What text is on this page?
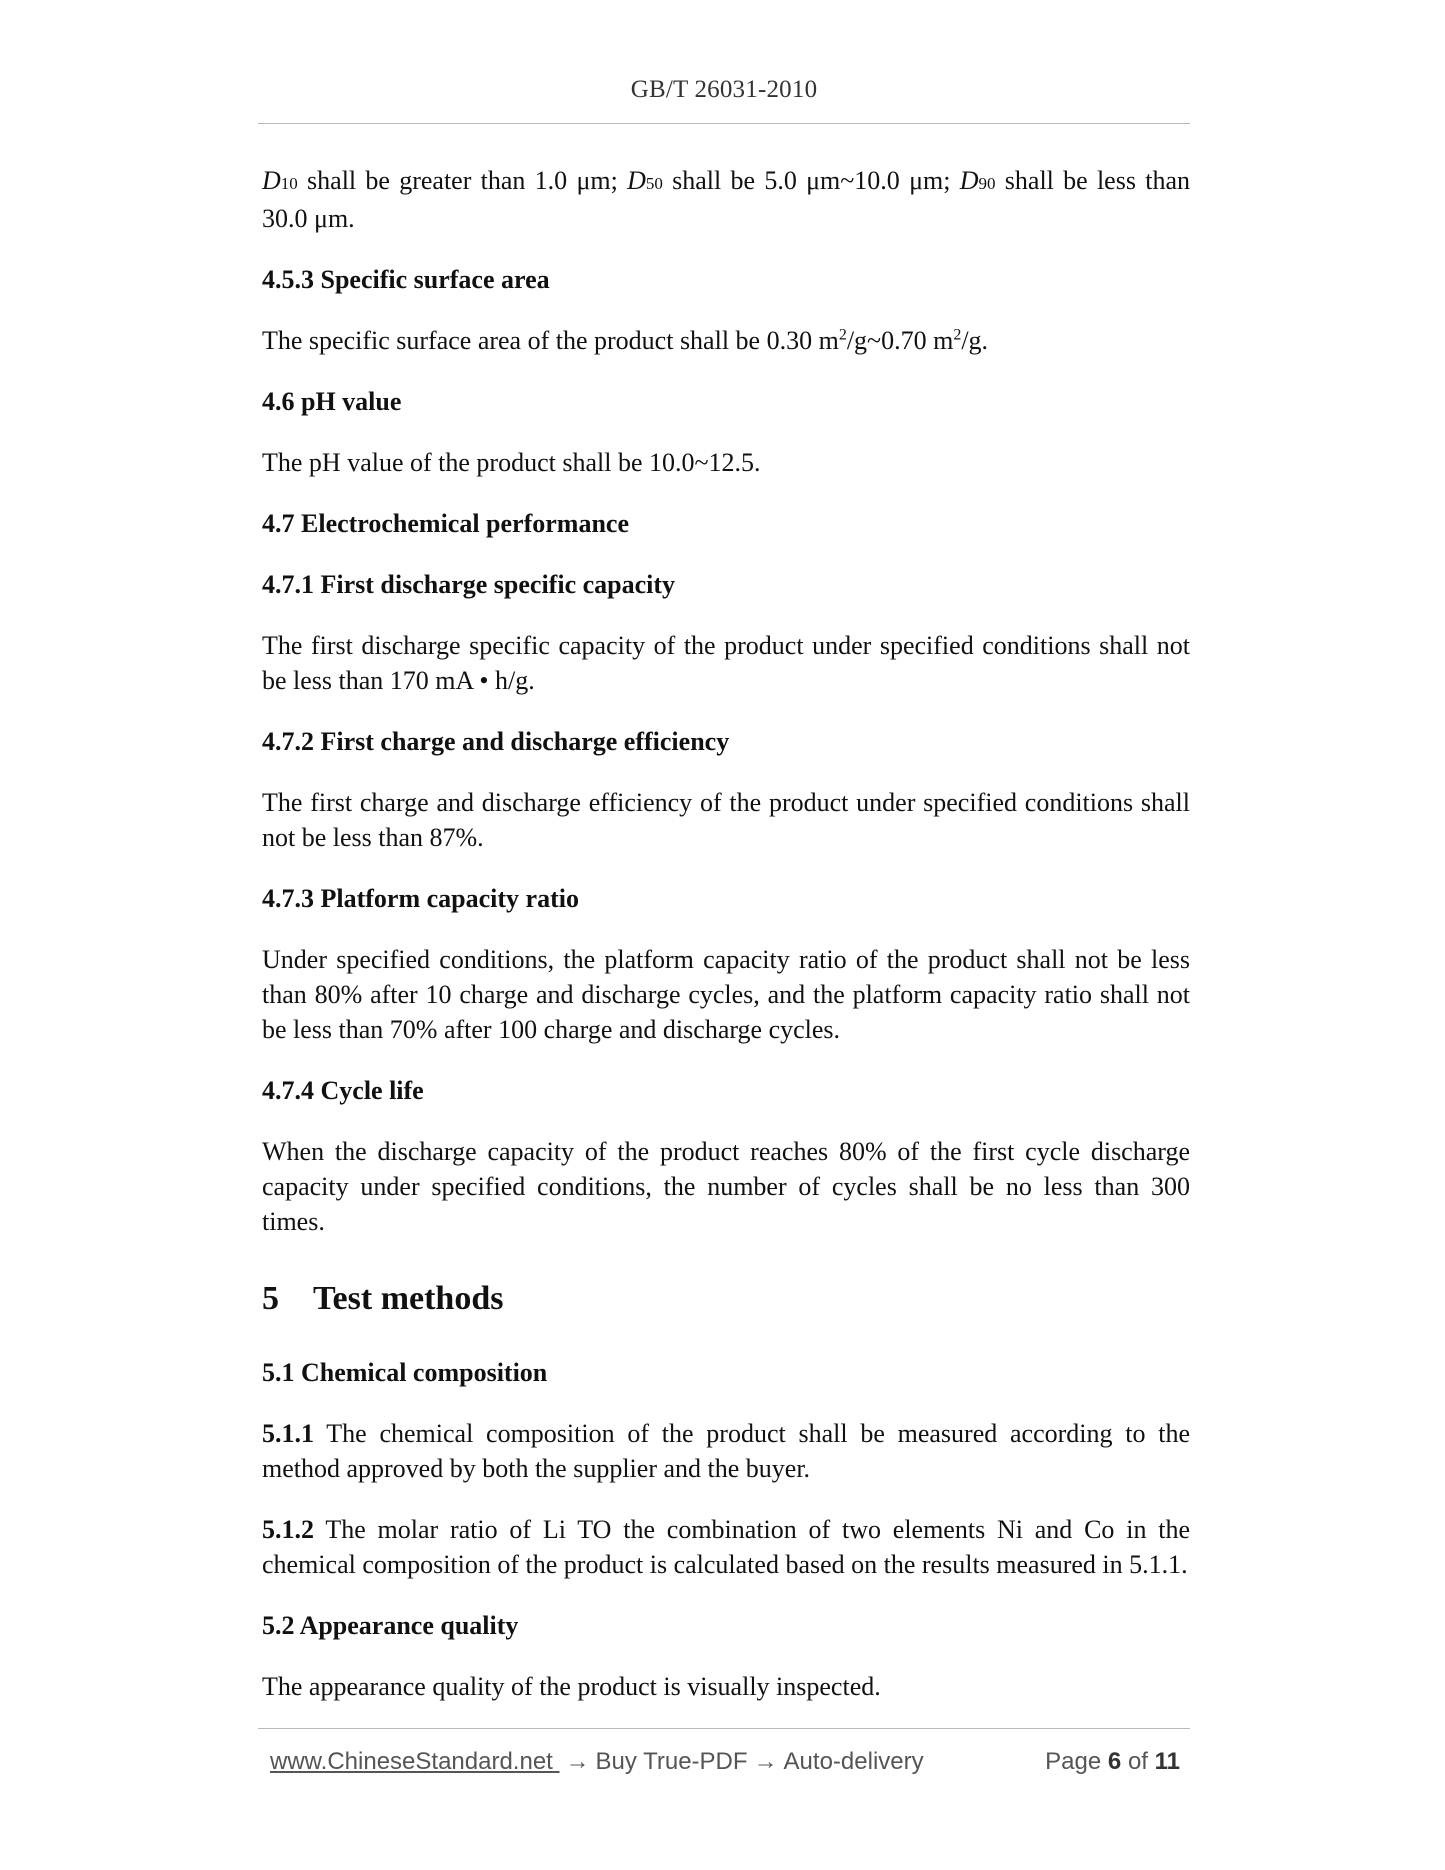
GB/T 26031-2010

D10 shall be greater than 1.0 μm; D50 shall be 5.0 μm~10.0 μm; D90 shall be less than 30.0 μm.

4.5.3 Specific surface area

The specific surface area of the product shall be 0.30 $m^2/g\sim 0.70$ $m^2/g$.

4.6 pH value

The pH value of the product shall be 10.0~12.5.

4.7 Electrochemical performance

4.7.1 First discharge specific capacity

The first discharge specific capacity of the product under specified conditions shall not be less than 170 mA • h/g.

4.7.2 First charge and discharge efficiency

The first charge and discharge efficiency of the product under specified conditions shall not be less than 87%.

4.7.3 Platform capacity ratio

Under specified conditions, the platform capacity ratio of the product shall not be less than 80% after 10 charge and discharge cycles, and the platform capacity ratio shall not be less than 70% after 100 charge and discharge cycles.

4.7.4 Cycle life

When the discharge capacity of the product reaches 80% of the first cycle discharge capacity under specified conditions, the number of cycles shall be no less than 300 times.

5 Test methods

5.1 Chemical composition

5.1.1 The chemical composition of the product shall be measured according to the method approved by both the supplier and the buyer.

5.1.2 The molar ratio of Li TO the combination of two elements Ni and Co in the chemical composition of the product is calculated based on the results measured in 5.1.1.

5.2 Appearance quality

The appearance quality of the product is visually inspected.

www.ChineseStandard.net → Buy True-PDF → Auto-delivery	Page 6 of 11
